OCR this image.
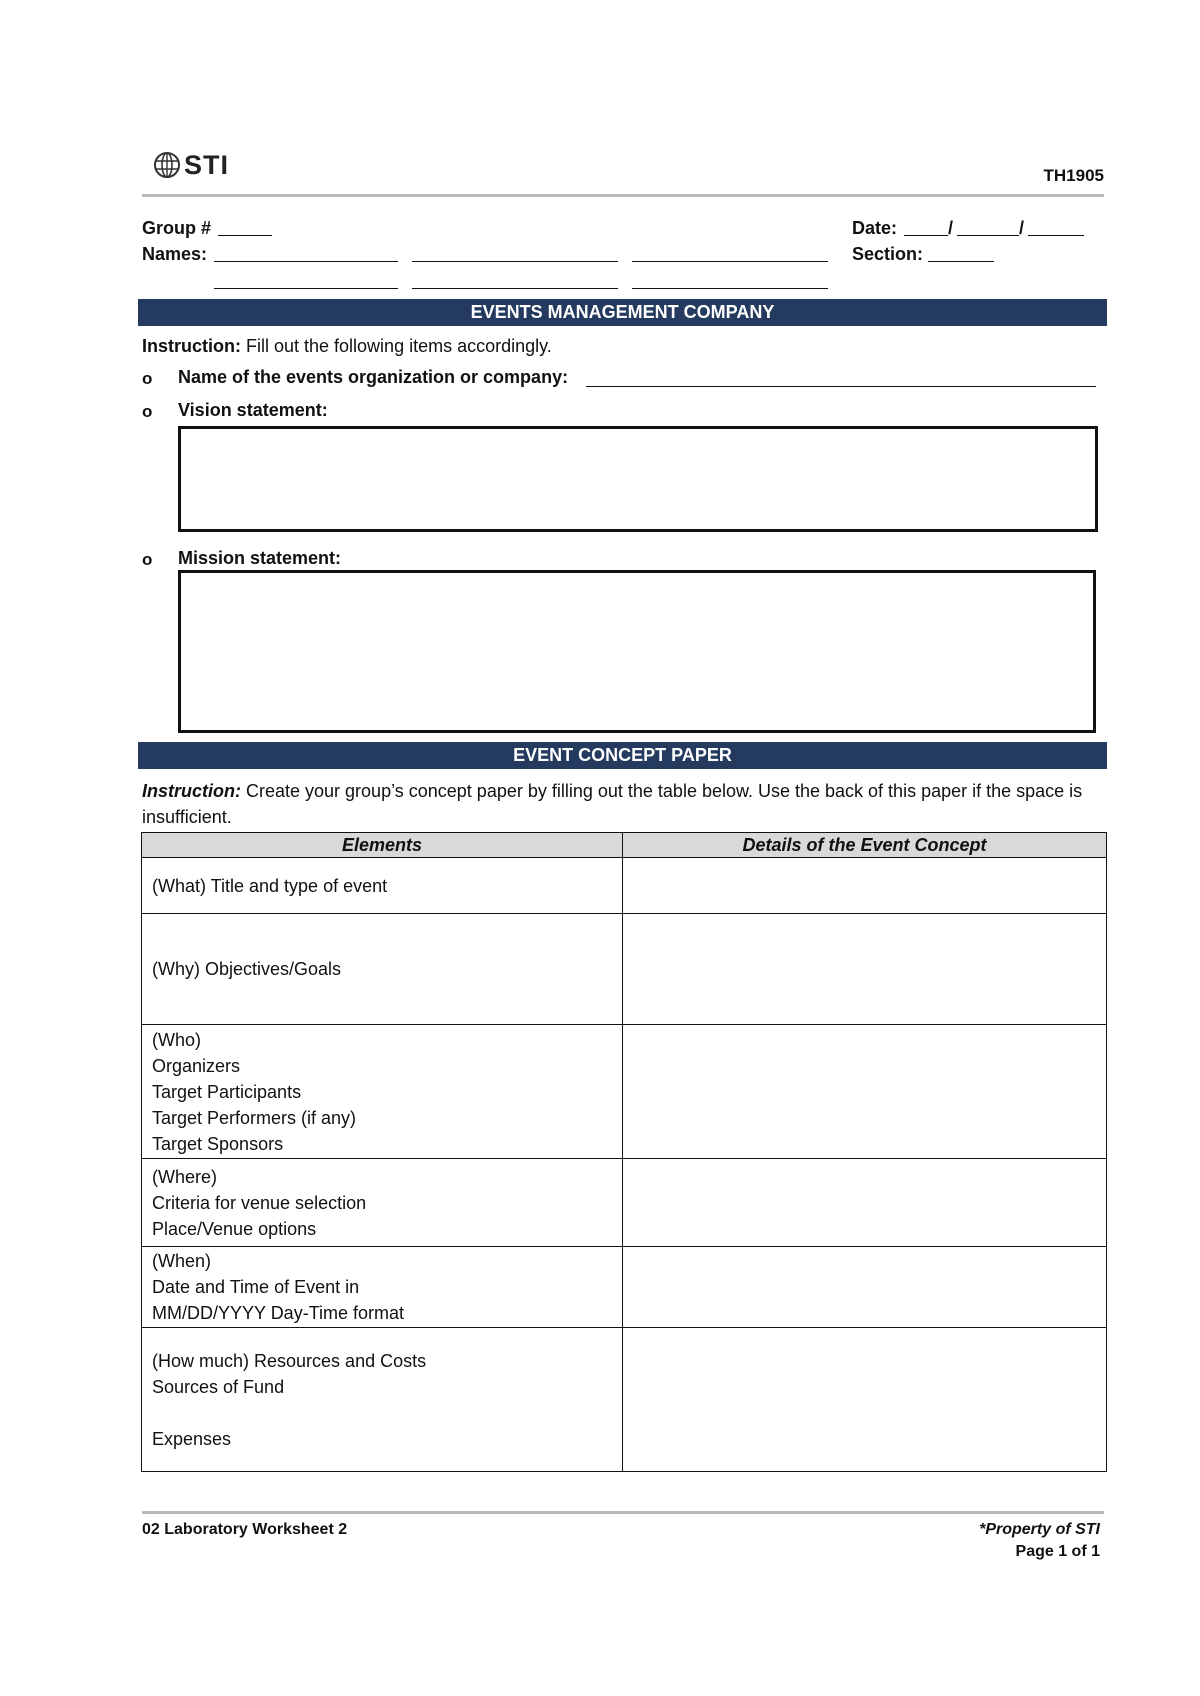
STI	TH1905
Group #
Names:
Date:	/	/
Section:
EVENTS MANAGEMENT COMPANY
Instruction: Fill out the following items accordingly.
o Name of the events organization or company:
o Vision statement:
o Mission statement:
EVENT CONCEPT PAPER
Instruction: Create your group’s concept paper by filling out the table below. Use the back of this paper if the space is insufficient.
Elements	Details of the Event Concept

(What) Title and type of event	

(Why) Objectives/Goals	

(Who)
Organizers
Target Participants
Target Performers (if any)
Target Sponsors	

(Where)
Criteria for venue selection
Place/Venue options	

(When)
Date and Time of Event in
MM/DD/YYYY Day-Time format	

(How much) Resources and Costs
Sources of Fund
Expenses	

02 Laboratory Worksheet 2	*Property of STI
Page 1 of 1
